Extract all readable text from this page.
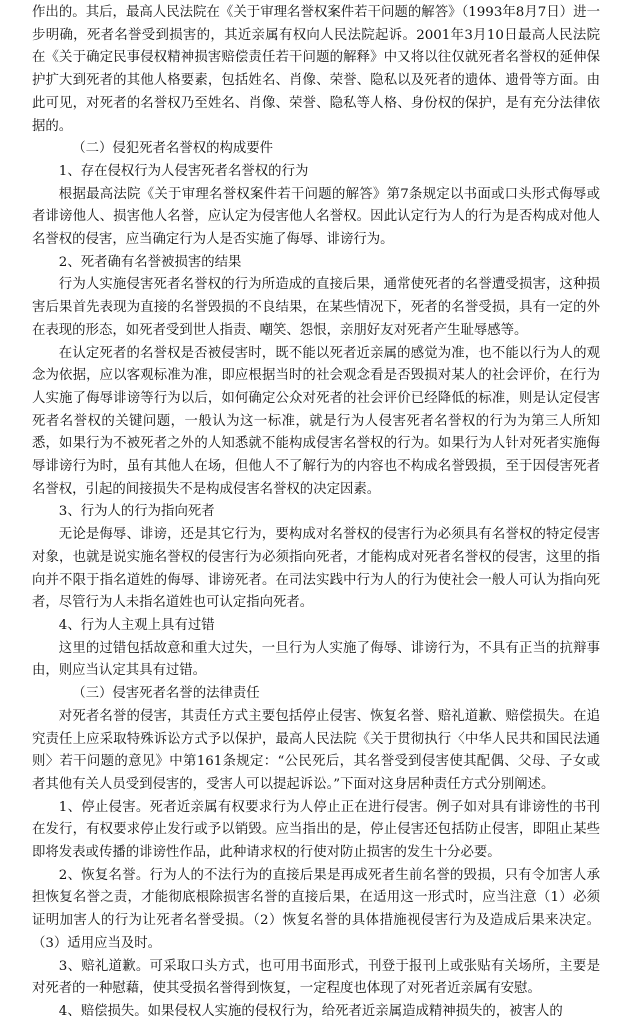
作出的。其后，最高人民法院在《关于审理名誉权案件若干问题的解答》（1993年8月7日）进一步明确，死者名誉受到损害的，其近亲属有权向人民法院起诉。2001年3月10日最高人民法院在《关于确定民事侵权精神损害赔偿责任若干问题的解释》中又将以往仅就死者名誉权的延伸保护扩大到死者的其他人格要素，包括姓名、肖像、荣誉、隐私以及死者的遗体、遗骨等方面。由此可见，对死者的名誉权乃至姓名、肖像、荣誉、隐私等人格、身份权的保护，是有充分法律依据的。

（二）侵犯死者名誉权的构成要件

1、存在侵权行为人侵害死者名誉权的行为

根据最高法院《关于审理名誉权案件若干问题的解答》第7条规定以书面或口头形式侮辱或者诽谤他人、损害他人名誉，应认定为侵害他人名誉权。因此认定行为人的行为是否构成对他人名誉权的侵害，应当确定行为人是否实施了侮辱、诽谤行为。

2、死者确有名誉被损害的结果

行为人实施侵害死者名誉权的行为所造成的直接后果，通常使死者的名誉遭受损害，这种损害后果首先表现为直接的名誉毁损的不良结果，在某些情况下，死者的名誉受损，具有一定的外在表现的形态，如死者受到世人指责、嘲笑、怨恨，亲朋好友对死者产生耻辱感等。

在认定死者的名誉权是否被侵害时，既不能以死者近亲属的感觉为准，也不能以行为人的观念为依据，应以客观标准为准，即应根据当时的社会观念看是否毁损对某人的社会评价，在行为人实施了侮辱诽谤等行为以后，如何确定公众对死者的社会评价已经降低的标准，则是认定侵害死者名誉权的关键问题，一般认为这一标准，就是行为人侵害死者名誉权的行为为第三人所知悉，如果行为不被死者之外的人知悉就不能构成侵害名誉权的行为。如果行为人针对死者实施侮辱诽谤行为时，虽有其他人在场，但他人不了解行为的内容也不构成名誉毁损，至于因侵害死者名誉权，引起的间接损失不是构成侵害名誉权的决定因素。

3、行为人的行为指向死者

无论是侮辱、诽谤，还是其它行为，要构成对名誉权的侵害行为必须具有名誉权的特定侵害对象，也就是说实施名誉权的侵害行为必须指向死者，才能构成对死者名誉权的侵害，这里的指向并不限于指名道姓的侮辱、诽谤死者。在司法实践中行为人的行为使社会一般人可认为指向死者，尽管行为人未指名道姓也可认定指向死者。

4、行为人主观上具有过错

这里的过错包括故意和重大过失，一旦行为人实施了侮辱、诽谤行为，不具有正当的抗辩事由，则应当认定其具有过错。

（三）侵害死者名誉的法律责任

对死者名誉的侵害，其责任方式主要包括停止侵害、恢复名誉、赔礼道歉、赔偿损失。在追究责任上应采取特殊诉讼方式予以保护，最高人民法院《关于贯彻执行〈中华人民共和国民法通则〉若干问题的意见》中第161条规定：“公民死后，其名誉受到侵害使其配偶、父母、子女或者其他有关人员受到侵害的，受害人可以提起诉讼。”下面对这身居种责任方式分别阐述。

1、停止侵害。死者近亲属有权要求行为人停止正在进行侵害。例子如对具有诽谤性的书刊在发行，有权要求停止发行或予以销毁。应当指出的是，停止侵害还包括防止侵害，即阻止某些即将发表或传播的诽谤性作品，此种请求权的行使对防止损害的发生十分必要。

2、恢复名誉。行为人的不法行为的直接后果是再成死者生前名誉的毁损，只有令加害人承担恢复名誉之责，才能彻底根除损害名誉的直接后果，在适用这一形式时，应当注意（1）必须证明加害人的行为让死者名誉受损。（2）恢复名誉的具体措施视侵害行为及造成后果来决定。（3）适用应当及时。

3、赔礼道歉。可采取口头方式，也可用书面形式，刊登于报刊上或张贴有关场所，主要是对死者的一种慰藉，使其受损名誉得到恢复，一定程度也体现了对死者近亲属有安慰。

4、赔偿损失。如果侵权人实施的侵权行为，给死者近亲属造成精神损失的，被害人的
